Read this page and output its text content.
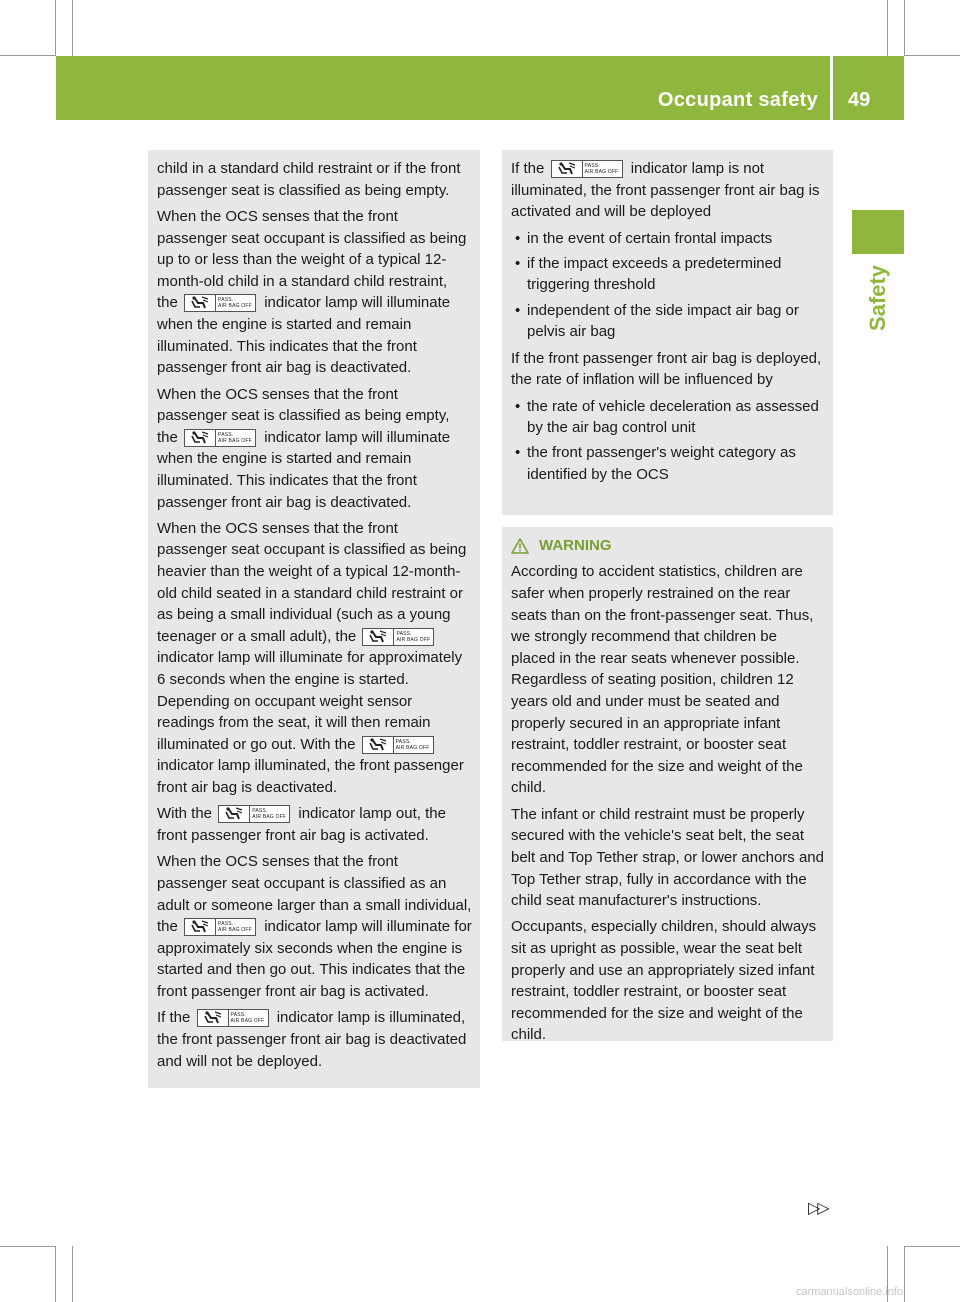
Occupant safety 49
Safety

child in a standard child restraint or if the front passenger seat is classified as being empty.

When the OCS senses that the front passenger seat occupant is classified as being up to or less than the weight of a typical 12-month-old child in a standard child restraint, the	PASS.
AIR BAG OFF indicator lamp will illuminate when the engine is started and remain illuminated. This indicates that the front passenger front air bag is deactivated.

When the OCS senses that the front passenger seat is classified as being empty, the	PASS.
AIR BAG OFF indicator lamp will illuminate when the engine is started and remain illuminated. This indicates that the front passenger front air bag is deactivated.

When the OCS senses that the front passenger seat occupant is classified as being heavier than the weight of a typical 12-month-old child seated in a standard child restraint or as being a small individual (such as a young teenager or a small adult), the	PASS.
AIR BAG OFF
indicator lamp will illuminate for approximately 6 seconds when the engine is started. Depending on occupant weight sensor readings from the seat, it will then remain illuminated or go out. With the	PASS.
AIR BAG OFF
indicator lamp illuminated, the front passenger front air bag is deactivated.

With the	PASS.
AIR BAG OFF indicator lamp out, the front passenger front air bag is activated.

When the OCS senses that the front passenger seat occupant is classified as an adult or someone larger than a small individual, the	PASS.
AIR BAG OFF indicator lamp will illuminate for approximately six seconds when the engine is started and then go out. This indicates that the front passenger front air bag is activated.

If the	PASS.
AIR BAG OFF indicator lamp is illuminated, the front passenger front air bag is deactivated and will not be deployed.

If the	PASS.
AIR BAG OFF indicator lamp is not illuminated, the front passenger front air bag is activated and will be deployed

• in the event of certain frontal impacts
• if the impact exceeds a predetermined triggering threshold
• independent of the side impact air bag or pelvis air bag

If the front passenger front air bag is deployed, the rate of inflation will be influenced by

• the rate of vehicle deceleration as assessed by the air bag control unit
• the front passenger's weight category as identified by the OCS
WARNING

According to accident statistics, children are safer when properly restrained on the rear seats than on the front-passenger seat. Thus, we strongly recommend that children be placed in the rear seats whenever possible. Regardless of seating position, children 12 years old and under must be seated and properly secured in an appropriate infant restraint, toddler restraint, or booster seat recommended for the size and weight of the child.

The infant or child restraint must be properly secured with the vehicle's seat belt, the seat belt and Top Tether strap, or lower anchors and Top Tether strap, fully in accordance with the child seat manufacturer's instructions.

Occupants, especially children, should always sit as upright as possible, wear the seat belt properly and use an appropriately sized infant restraint, toddler restraint, or booster seat recommended for the size and weight of the child.

▷▷
carmanualsonline.info
